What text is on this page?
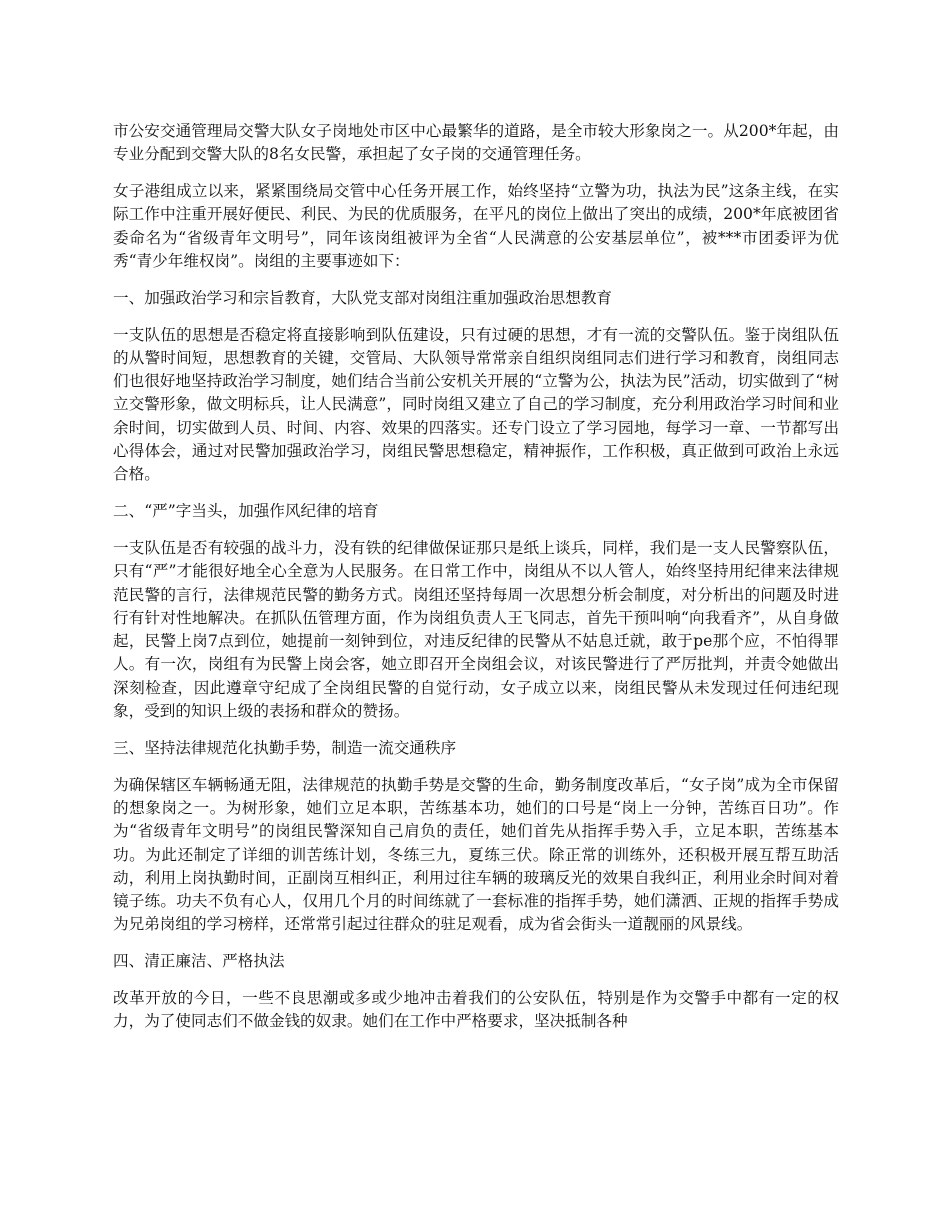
市公安交通管理局交警大队女子岗地处市区中心最繁华的道路，是全市较大形象岗之一。从200*年起，由专业分配到交警大队的8名女民警，承担起了女子岗的交通管理任务。

女子港组成立以来，紧紧围绕局交管中心任务开展工作，始终坚持“立警为功，执法为民”这条主线，在实际工作中注重开展好便民、利民、为民的优质服务，在平凡的岗位上做出了突出的成绩，200*年底被团省委命名为“省级青年文明号”，同年该岗组被评为全省“人民满意的公安基层单位”，被***市团委评为优秀“青少年维权岗”。岗组的主要事迹如下：

一、加强政治学习和宗旨教育，大队党支部对岗组注重加强政治思想教育

一支队伍的思想是否稳定将直接影响到队伍建设，只有过硬的思想，才有一流的交警队伍。鉴于岗组队伍的从警时间短，思想教育的关键，交管局、大队领导常常亲自组织岗组同志们进行学习和教育，岗组同志们也很好地坚持政治学习制度，她们结合当前公安机关开展的“立警为公，执法为民”活动，切实做到了“树立交警形象，做文明标兵，让人民满意”，同时岗组又建立了自己的学习制度，充分利用政治学习时间和业余时间，切实做到人员、时间、内容、效果的四落实。还专门设立了学习园地，每学习一章、一节都写出心得体会，通过对民警加强政治学习，岗组民警思想稳定，精神振作，工作积极，真正做到可政治上永远合格。

二、“严”字当头，加强作风纪律的培育

一支队伍是否有较强的战斗力，没有铁的纪律做保证那只是纸上谈兵，同样，我们是一支人民警察队伍，只有“严”才能很好地全心全意为人民服务。在日常工作中，岗组从不以人管人，始终坚持用纪律来法律规范民警的言行，法律规范民警的勤务方式。岗组还坚持每周一次思想分析会制度，对分析出的问题及时进行有针对性地解决。在抓队伍管理方面，作为岗组负责人王飞同志，首先干预叫响“向我看齐”，从自身做起，民警上岗7点到位，她提前一刻钟到位，对违反纪律的民警从不姑息迁就，敢于pe那个应，不怕得罪人。有一次，岗组有为民警上岗会客，她立即召开全岗组会议，对该民警进行了严厉批判，并责令她做出深刻检查，因此遵章守纪成了全岗组民警的自觉行动，女子成立以来，岗组民警从未发现过任何违纪现象，受到的知识上级的表扬和群众的赞扬。

三、坚持法律规范化执勤手势，制造一流交通秩序

为确保辖区车辆畅通无阻，法律规范的执勤手势是交警的生命，勤务制度改革后，“女子岗”成为全市保留的想象岗之一。为树形象，她们立足本职，苦练基本功，她们的口号是“岗上一分钟，苦练百日功”。作为“省级青年文明号”的岗组民警深知自己肩负的责任，她们首先从指挥手势入手，立足本职，苦练基本功。为此还制定了详细的训苦练计划，冬练三九，夏练三伏。除正常的训练外，还积极开展互帮互助活动，利用上岗执勤时间，正副岗互相纠正，利用过往车辆的玻璃反光的效果自我纠正，利用业余时间对着镜子练。功夫不负有心人，仅用几个月的时间练就了一套标准的指挥手势，她们潇洒、正规的指挥手势成为兄弟岗组的学习榜样，还常常引起过往群众的驻足观看，成为省会街头一道靓丽的风景线。

四、清正廉洁、严格执法

改革开放的今日，一些不良思潮或多或少地冲击着我们的公安队伍，特别是作为交警手中都有一定的权力，为了使同志们不做金钱的奴隶。她们在工作中严格要求，坚决抵制各种
